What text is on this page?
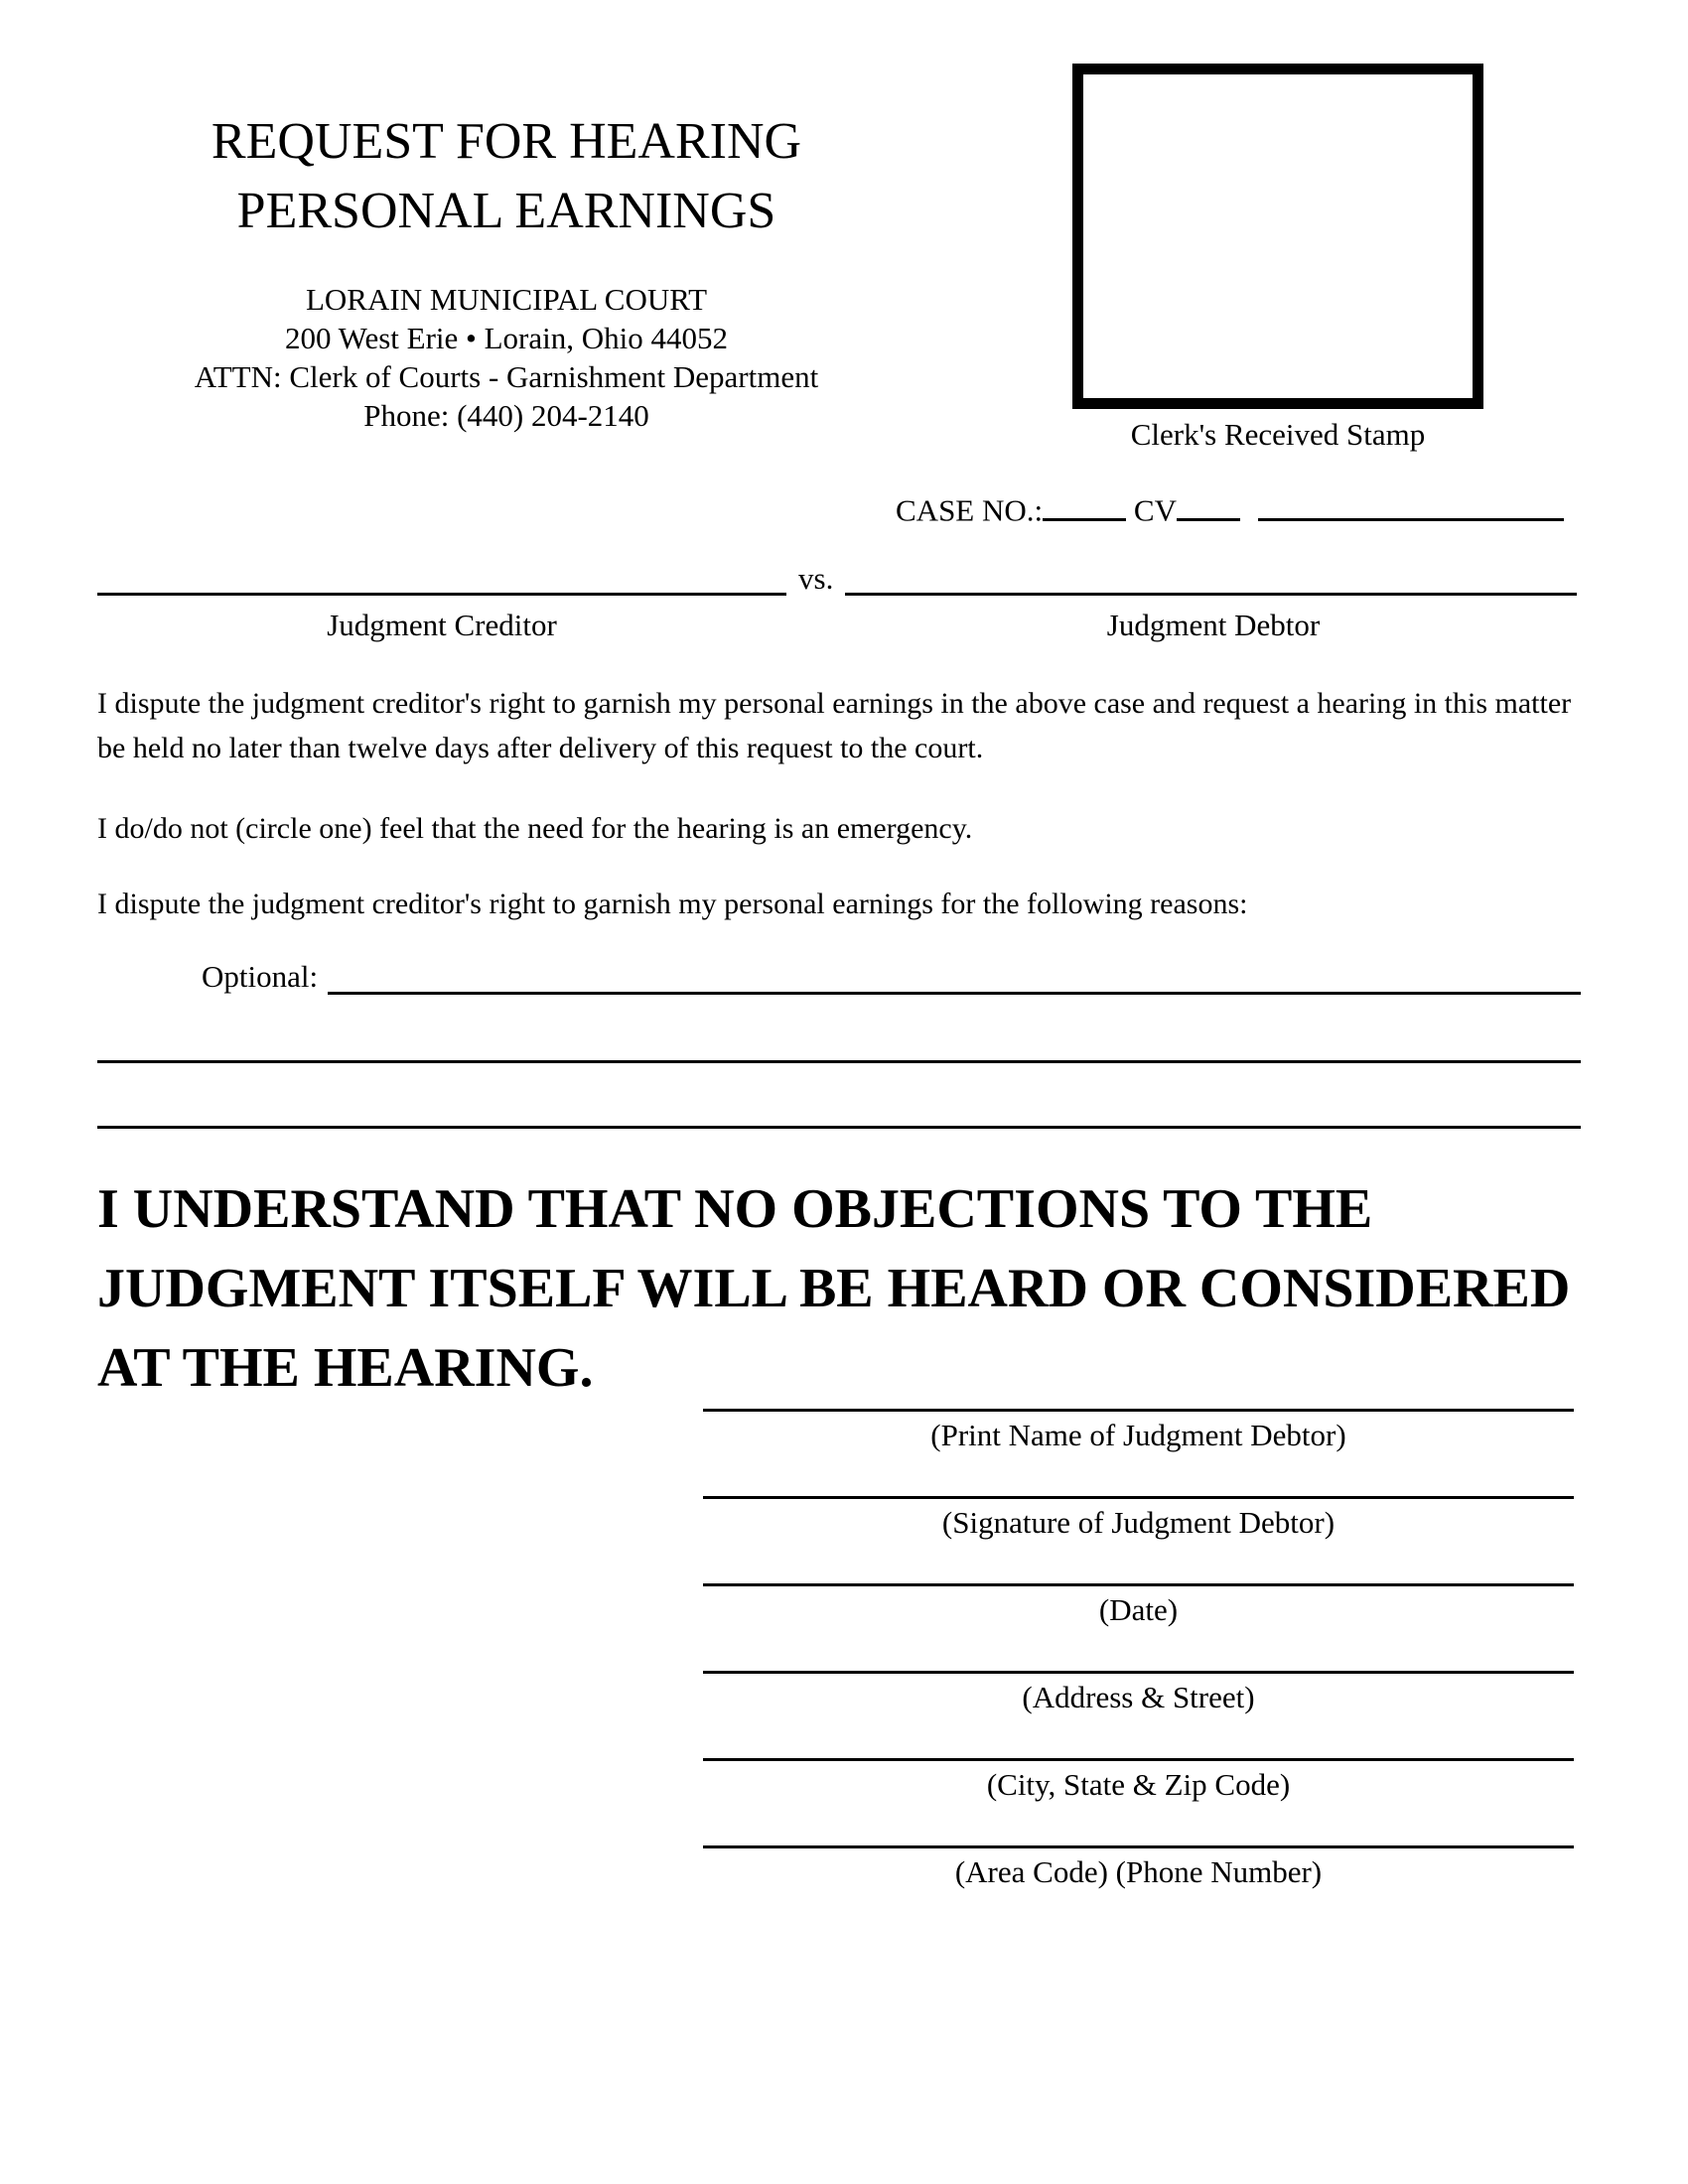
REQUEST FOR HEARING
PERSONAL EARNINGS
LORAIN MUNICIPAL COURT
200 West Erie • Lorain, Ohio 44052
ATTN: Clerk of Courts - Garnishment Department
Phone: (440) 204-2140
Clerk's Received Stamp
CASE NO.:	CV
vs.
Judgment Creditor	Judgment Debtor
I dispute the judgment creditor's right to garnish my personal earnings in the above case and request a hearing in this matter be held no later than twelve days after delivery of this request to the court.
I do/do not (circle one) feel that the need for the hearing is an emergency.
I dispute the judgment creditor's right to garnish my personal earnings for the following reasons:
Optional:
I UNDERSTAND THAT NO OBJECTIONS TO THE JUDGMENT ITSELF WILL BE HEARD OR CONSIDERED AT THE HEARING.
(Print Name of Judgment Debtor)
(Signature of Judgment Debtor)
(Date)
(Address & Street)
(City, State & Zip Code)
(Area Code) (Phone Number)
